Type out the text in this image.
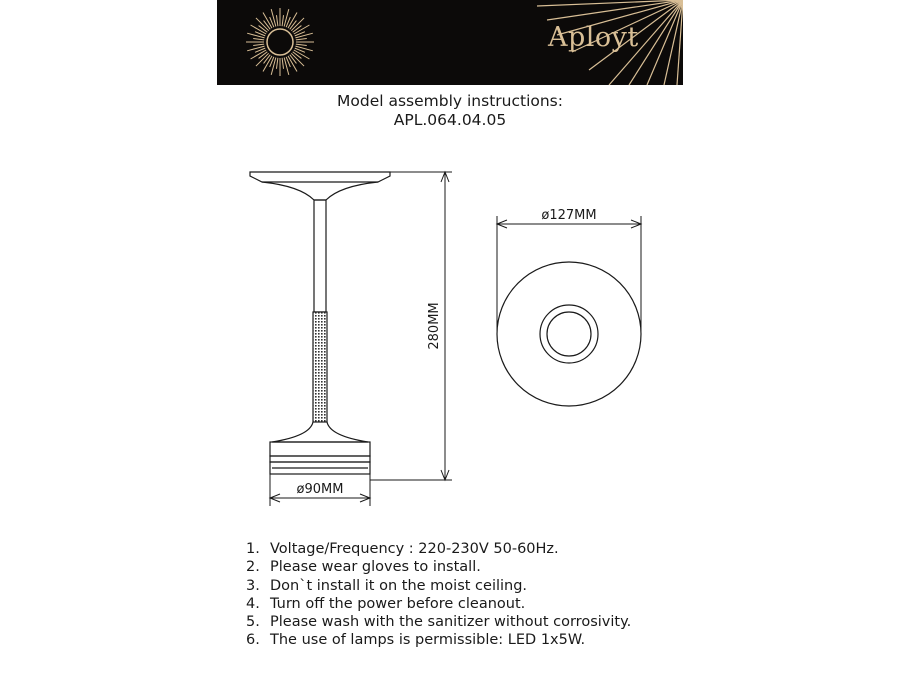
Aployt
Model assembly instructions:
APL.064.04.05
280MM
ø90MM
ø127MM
1. Voltage/Frequency : 220-230V 50-60Hz.
2. Please wear gloves to install.
3. Don`t install it on the moist ceiling.
4. Turn off the power before cleanout.
5. Please wash with the sanitizer without corrosivity.
6. The use of lamps is permissible: LED 1x5W.
